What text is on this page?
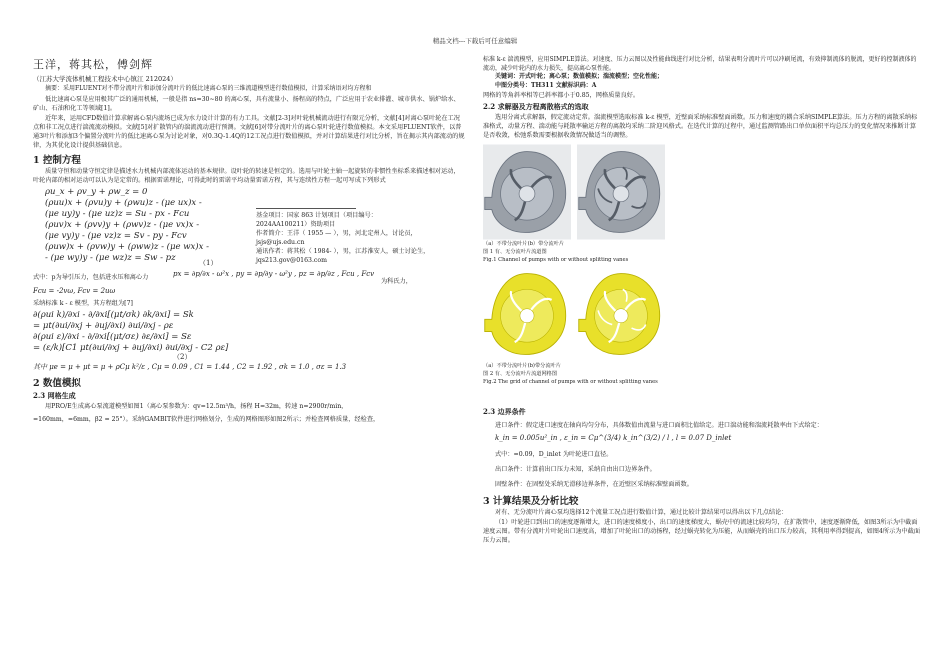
精品文档---下载后可任意编辑
王洋，蒋其松，傅剑辉
（江苏大学流体机械工程技术中心镇江 212024）
摘要：采用FLUENT对不带分流叶片和添加分流叶片的低比速离心泵的三维流道模型进行数值模拟，计算采纳语对均方程和
低比速离心泵是应用极其广泛的通用机械，一般是指 ns=30~80 的离心泵，具有流量小、扬程高的特点，广泛应用于农业排灌、城市供水、锅炉给水、矿山、石油和化工等领域[1]。
近年来，运用CFD数值计算求解离心泵内流场已成为水力设计计算的有力工具。文献[2-3]对叶轮机械流动进行有限元分析，文献[4]对离心泵叶轮在工况点和非工况点进行湍流流动模拟。文献[5]对扩散管内的湍流流动进行预测。文献[6]对带分流叶片的离心泵叶轮进行数值模拟。本文采用FLUENT软件，以普通3叶片和添加3个偏置分流叶片的低比速离心泵为讨论对象，对0.3Q-1.4Q的12工况点进行数值模拟，并对计算结果进行对比分析，旨在揭示其内部流动的规律，为其优化设计提供基础信息。
1 控制方程
质量守恒和动量守恒定律是描述水力机械内部流体运动的基本规律。设叶轮的转速是恒定的。选用与叶轮主轴一起旋转的非惯性坐标系来描述相对运动，叶轮内部的相对运动可以认为是定常的。根据雷诺理论，可得此时的雷诺平均动量雷诺方程，其与连续性方程一起可写成下列形式
ρu_x + ρv_y + ρw_z = 0
(ρuu)x + (ρvu)y + (ρwu)z - (μe ux)x -
(μe uy)y - (μe uz)z = Su - px - Fcu
(ρuv)x + (ρvv)y + (ρwv)z - (μe vx)x -
(μe vy)y - (μe vz)z = Sv - py - Fcv
(ρuw)x + (ρvw)y + (ρww)z - (μe wx)x -
- (μe wy)y - (μe wz)z = Sw - pz	（1）
px = ∂p/∂x - ω²x , py = ∂p/∂y - ω²y , pz = ∂p/∂z , Fcu , Fcv
式中：p为导引压力，包括进水压和离心力
Fcu = -2vω, Fcv = 2uω
为科氏力，
采纳标准 k - ε 模型，其方程组为[7]
∂(ρui k)/∂xi - ∂/∂xi[(μt/σk) ∂k/∂xi] = Sk
= μt(∂ui/∂xj + ∂uj/∂xi) ∂ui/∂xj - ρε
∂(ρui ε)/∂xi - ∂/∂xi[(μt/σε) ∂ε/∂xi] = Sε
= (ε/k)[C1 μt(∂ui/∂xj + ∂uj/∂xi) ∂ui/∂xj - C2 ρε]
（2）
其中 μe = μ + μt = μ + ρCμ k²/ε , Cμ = 0.09 , C1 = 1.44 , C2 = 1.92 , σk = 1.0 , σε = 1.3
2 数值模拟
2.3 网格生成
用PRO/E生成离心泵流道模型如图1（离心泵参数为：qv=12.5m³/h，扬程 H=32m，转速 n=2900r/min，
=160mm，=6mm，β2 = 25°）。采纳GAMBIT软件进行网格划分，生成的网格图形如图2所示；并检查网格质量，经检查，
基金项目：国家 863 计划项目（项目编号：
2024AA100211）资助项目
作者简介：王洋（ 1955 — ），男，河北定州人，讨论员，jsjs@ujs.edu.cn
通讯作者：蒋其松（ 1984- ），男，江苏淮安人，硕士讨论生，jqs213.gov@0163.com
标准 k-ε 湍流模型，应用SIMPLE算法。对速度、压力云图以及性能曲线进行对比分析，结果表明分流叶片可以冲刷尾流，有效抑制流体的脱流，更好的控制液体的流动，减少叶轮内的水力损失，提高离心泵性能。
关键词：开式叶轮；离心泵；数值模拟；湍流模型；空化性能；
中图分类号：TH311 文献标识码：A
网格的等角斜率相等已斜率都小于0.85，网格质量良好。
2.2 求解器及方程离散格式的选取
选用分离式求解器，假定流动定常。湍流模型选取标准 k-ε 模型，近壁面采纳标准壁面函数。压力和速度的耦合采纳SIMPLE算法。压力方程的离散采纳标准格式，动量方程、湍动能与耗散率输运方程的离散均采纳二阶迎风格式。在迭代计算的过程中，通过监测管路出口单位面积平均总压力的变化情况来推断计算是否收敛，松弛系数需要根据收敛情况做适当的调整。
（a）不带分流叶片(b）带分流叶片
图 1 有、无分流叶片流道图
Fig.1 Channel of pumps with or without splitting vanes
（a）不带分流叶片(b)带分流叶片
图 2 有、无分流叶片流道网格图
Fig.2 The grid of channel of pumps with or without splitting vanes
2.3 边界条件
进口条件：假定进口速度在轴向均匀分布，具体数值由流量与进口面积比值给定。进口湍动能和湍流耗散率由下式给定：
k_in = 0.005u²_in , ε_in = Cμ^(3/4) k_in^(3/2) / l , l = 0.07 D_inlet
式中：=0.09，D_inlet 为叶轮进口直径。
出口条件：计算前出口压力未知，采纳自由出口边界条件。
固壁条件：在固壁处采纳无滑移边界条件，在近壁区采纳标准壁面函数。
3 计算结果及分析比较
对有、无分流叶片离心泵均选择12个流量工况点进行数值计算，通过比较计算结果可以得出以下几点结论：
（1）叶轮进口到出口的速度逐渐增大，进口的速度梯度小，出口的速度梯度大，蜗壳中的流速比较均匀，在扩散管中，速度逐渐降低，如图3所示为中截面速度云图。带有分流叶片叶轮出口速度高，增加了叶轮出口的动扬程，经过蜗壳转化为压能，从而蜗壳的出口压力较高，其利用率得到提高，如图4所示为中截面压力云图。
